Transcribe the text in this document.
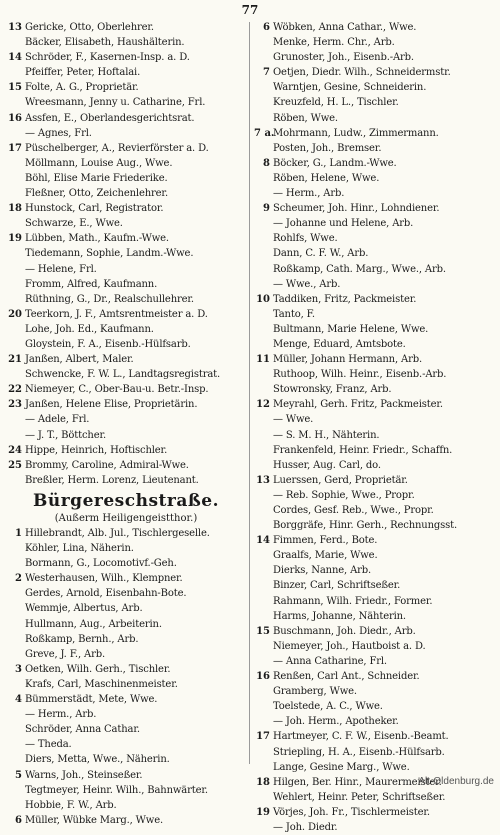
77
13 Gericke, Otto, Oberlehrer.
Bäcker, Elisabeth, Haushälterin.
14 Schröder, F., Kasernen-Insp. a. D.
Pfeiffer, Peter, Hoftalai.
15 Folte, A. G., Proprietär.
Wreesmann, Jenny u. Catharine, Frl.
16 Assfen, E., Oberlandesgerichtsrat.
— Agnes, Frl.
17 Püschelberger, A., Revierförster a. D.
Möllmann, Louise Aug., Wwe.
Böhl, Elise Marie Friederike.
Fleßner, Otto, Zeichenlehrer.
18 Hunstock, Carl, Registrator.
Schwarze, E., Wwe.
19 Lübben, Math., Kaufm.-Wwe.
Tiedemann, Sophie, Landm.-Wwe.
— Helene, Frl.
Fromm, Alfred, Kaufmann.
Rüthning, G., Dr., Realschullehrer.
20 Teerkorn, J. F., Amtsrentmeister a. D.
Lohe, Joh. Ed., Kaufmann.
Gloystein, F. A., Eisenb.-Hülfsarb.
21 Janßen, Albert, Maler.
Schwencke, F. W. L., Landtagsregistrat.
22 Niemeyer, C., Ober-Bau-u. Betr.-Insp.
23 Janßen, Helene Elise, Proprietärin.
— Adele, Frl.
— J. T., Böttcher.
24 Hippe, Heinrich, Hoftischler.
25 Brommy, Caroline, Admiral-Wwe.
Breßler, Herm. Lorenz, Lieutenant.
Bürgereschstraße.
(Außerm Heiligengeistthor.)
1 Hillebrandt, Alb. Jul., Tischlergeselle.
Köhler, Lina, Näherin.
Bormann, G., Locomotivf.-Geh.
2 Westerhausen, Wilh., Klempner.
Gerdes, Arnold, Eisenbahn-Bote.
Wemmje, Albertus, Arb.
Hullmann, Aug., Arbeiterin.
Roßkamp, Bernh., Arb.
Greve, J. F., Arb.
3 Oetken, Wilh. Gerh., Tischler.
Krafs, Carl, Maschinenmeister.
4 Bümmerstädt, Mete, Wwe.
— Herm., Arb.
Schröder, Anna Cathar.
— Theda.
Diers, Metta, Wwe., Näherin.
5 Warns, Joh., Steinseßer.
Tegtmeyer, Heinr. Wilh., Bahnwärter.
Hobbie, F. W., Arb.
6 Müller, Wübke Marg., Wwe.
6 Wöbken, Anna Cathar., Wwe.
Menke, Herm. Chr., Arb.
Grunoster, Joh., Eisenb.-Arb.
7 Oetjen, Diedr. Wilh., Schneidermstr.
Warntjen, Gesine, Schneiderin.
Kreuzfeld, H. L., Tischler.
Röben, Wwe.
7 a.Mohrmann, Ludw., Zimmermann.
Posten, Joh., Bremser.
8 Böcker, G., Landm.-Wwe.
Röben, Helene, Wwe.
— Herm., Arb.
9 Scheumer, Joh. Hinr., Lohndiener.
— Johanne und Helene, Arb.
Rohlfs, Wwe.
Dann, C. F. W., Arb.
Roßkamp, Cath. Marg., Wwe., Arb.
— Wwe., Arb.
10 Taddiken, Fritz, Packmeister.
Tanto, F.
Bultmann, Marie Helene, Wwe.
Menge, Eduard, Amtsbote.
11 Müller, Johann Hermann, Arb.
Ruthoop, Wilh. Heinr., Eisenb.-Arb.
Stowronsky, Franz, Arb.
12 Meyrahl, Gerh. Fritz, Packmeister.
— Wwe.
— S. M. H., Nähterin.
Frankenfeld, Heinr. Friedr., Schaffn.
Husser, Aug. Carl, do.
13 Luerssen, Gerd, Proprietär.
— Reb. Sophie, Wwe., Propr.
Cordes, Gesf. Reb., Wwe., Propr.
Borggräfe, Hinr. Gerh., Rechnungsst.
14 Fimmen, Ferd., Bote.
Graalfs, Marie, Wwe.
Dierks, Nanne, Arb.
Binzer, Carl, Schriftseßer.
Rahmann, Wilh. Friedr., Former.
Harms, Johanne, Nähterin.
15 Buschmann, Joh. Diedr., Arb.
Niemeyer, Joh., Hautboist a. D.
— Anna Catharine, Frl.
16 Renßen, Carl Ant., Schneider.
Gramberg, Wwe.
Toelstede, A. C., Wwe.
— Joh. Herm., Apotheker.
17 Hartmeyer, C. F. W., Eisenb.-Beamt.
Striepling, H. A., Eisenb.-Hülfsarb.
Lange, Gesine Marg., Wwe.
18 Hilgen, Ber. Hinr., Maurermeister.
Wehlert, Heinr. Peter, Schriftseßer.
19 Vörjes, Joh. Fr., Tischlermeister.
— Joh. Diedr.
Alt-Oldenburg.de
